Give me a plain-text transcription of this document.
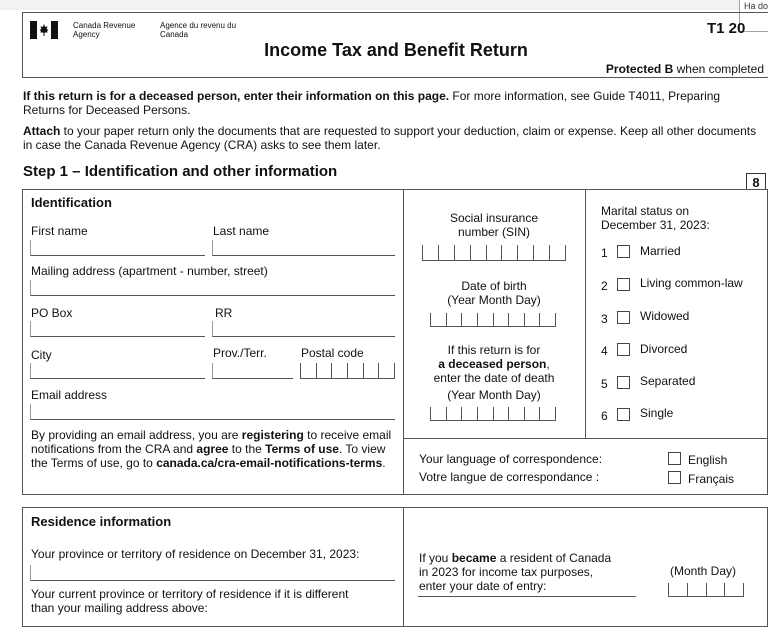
Ha do
Canada Revenue Agency
Agence du revenu du Canada	T1 20
Income Tax and Benefit Return
Protected B when completed
If this return is for a deceased person, enter their information on this page. For more information, see Guide T4011, Preparing Returns for Deceased Persons.
Attach to your paper return only the documents that are requested to support your deduction, claim or expense. Keep all other documents in case the Canada Revenue Agency (CRA) asks to see them later.
Step 1 – Identification and other information
8
Identification
First name	Last name
Mailing address (apartment - number, street)
PO Box	RR
City	Prov./Terr.	Postal code
Email address
By providing an email address, you are registering to receive email notifications from the CRA and agree to the Terms of use. To view the Terms of use, go to canada.ca/cra-email-notifications-terms.
Social insurance
number (SIN)
Date of birth
(Year Month Day)
If this return is for
a deceased person,
enter the date of death
(Year Month Day)
Marital status on
December 31, 2023:
1	Married
2	Living common-law
3	Widowed
4	Divorced
5	Separated
6	Single
Your language of correspondence:
Votre langue de correspondance :
English
Français
Residence information
Your province or territory of residence on December 31, 2023:
Your current province or territory of residence if it is different
than your mailing address above:
If you became a resident of Canada
in 2023 for income tax purposes,
enter your date of entry:
(Month Day)
